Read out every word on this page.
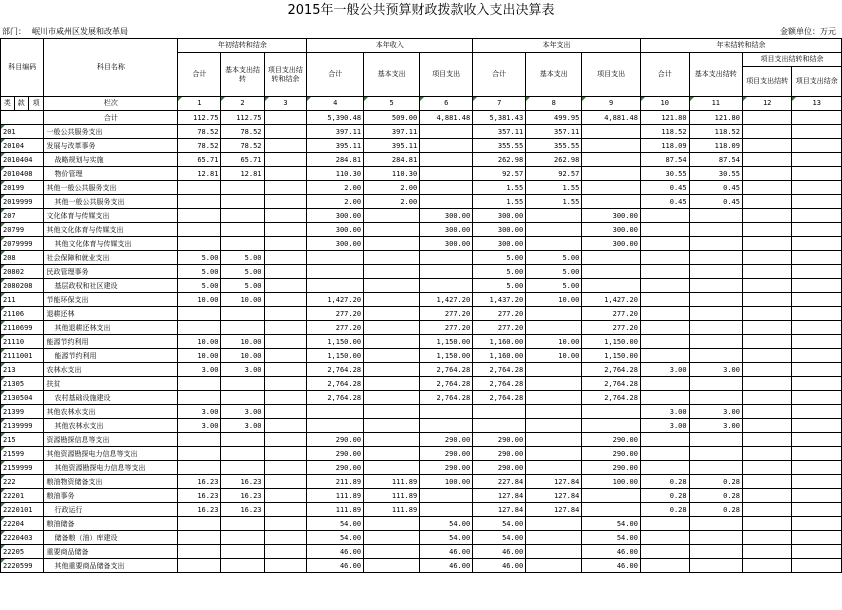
2015年一般公共预算财政拨款收入支出决算表
部门： 岷川市咸州区发展和改革局	金额单位：万元
科目编码			科目名称	年初结转和结余			本年收入			本年支出			年末结转和结余			
				合计	基本支出结转	项目支出结转和结余	合计	基本支出	项目支出	合计	基本支出	项目支出	合计	基本支出结转	项目支出结转和结余	
															项目支出结转	项目支出结余
类	款	项	栏次	1	2	3	4	5	6	7	8	9	10	11	12	13
			合计	112.75	112.75		5,390.48	509.00	4,881.48	5,381.43	499.95	4,881.48	121.80	121.80		
201			一般公共服务支出	78.52	78.52		397.11	397.11		357.11	357.11		118.52	118.52		
20104			发展与改革事务	78.52	78.52		395.11	395.11		355.55	355.55		118.09	118.09		
2010404			战略规划与实施	65.71	65.71		284.81	284.81		262.98	262.98		87.54	87.54		
2010408			物价管理	12.81	12.81		110.30	110.30		92.57	92.57		30.55	30.55		
20199			其他一般公共服务支出				2.00	2.00		1.55	1.55		0.45	0.45		
2019999			其他一般公共服务支出				2.00	2.00		1.55	1.55		0.45	0.45		
207			文化体育与传媒支出				300.00		300.00	300.00		300.00				
20799			其他文化体育与传媒支出				300.00		300.00	300.00		300.00				
2079999			其他文化体育与传媒支出				300.00		300.00	300.00		300.00				
208			社会保障和就业支出	5.00	5.00					5.00	5.00					
20802			民政管理事务	5.00	5.00					5.00	5.00					
2080208			基层政权和社区建设	5.00	5.00					5.00	5.00					
211			节能环保支出	10.00	10.00		1,427.20		1,427.20	1,437.20	10.00	1,427.20				
21106			退耕还林				277.20		277.20	277.20		277.20				
2110699			其他退耕还林支出				277.20		277.20	277.20		277.20				
21110			能源节约利用	10.00	10.00		1,150.00		1,150.00	1,160.00	10.00	1,150.00				
2111001			能源节约利用	10.00	10.00		1,150.00		1,150.00	1,160.00	10.00	1,150.00				
213			农林水支出	3.00	3.00		2,764.28		2,764.28	2,764.28		2,764.28	3.00	3.00		
21305			扶贫				2,764.28		2,764.28	2,764.28		2,764.28				
2130504			农村基础设施建设				2,764.28		2,764.28	2,764.28		2,764.28				
21399			其他农林水支出	3.00	3.00								3.00	3.00		
2139999			其他农林水支出	3.00	3.00								3.00	3.00		
215			资源勘探信息等支出				290.00		290.00	290.00		290.00				
21599			其他资源勘探电力信息等支出				290.00		290.00	290.00		290.00				
2159999			其他资源勘探电力信息等支出				290.00		290.00	290.00		290.00				
222			粮油物资储备支出	16.23	16.23		211.89	111.89	100.00	227.84	127.84	100.00	0.28	0.28		
22201			粮油事务	16.23	16.23		111.89	111.89		127.84	127.84		0.28	0.28		
2220101			行政运行	16.23	16.23		111.89	111.89		127.84	127.84		0.28	0.28		
22204			粮油储备				54.00		54.00	54.00		54.00				
2220403			储备粮（油）库建设				54.00		54.00	54.00		54.00				
22205			重要商品储备				46.00		46.00	46.00		46.00				
2220599			其他重要商品储备支出				46.00		46.00	46.00		46.00				
